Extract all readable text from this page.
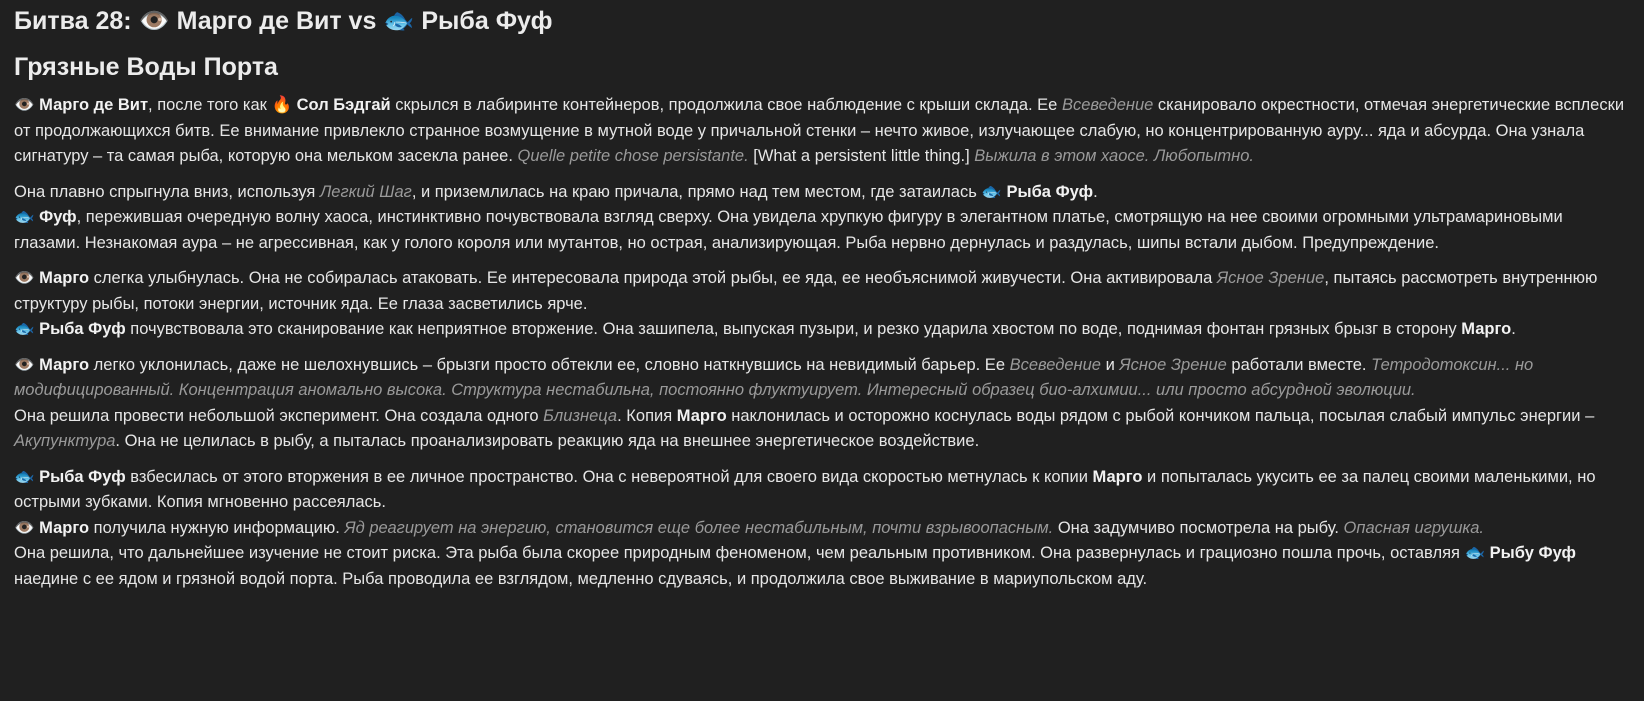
Битва 28: 👁️ Марго де Вит vs 🐟 Рыба Фуф
Грязные Воды Порта

👁️ Марго де Вит, после того как 🔥 Сол Бэдгай скрылся в лабиринте контейнеров, продолжила свое наблюдение с крыши склада. Ее Всеведение сканировало окрестности, отмечая энергетические всплески от продолжающихся битв. Ее внимание привлекло странное возмущение в мутной воде у причальной стенки – нечто живое, излучающее слабую, но концентрированную ауру... яда и абсурда. Она узнала сигнатуру – та самая рыба, которую она мельком засекла ранее. Quelle petite chose persistante. [What a persistent little thing.] Выжила в этом хаосе. Любопытно.

Она плавно спрыгнула вниз, используя Легкий Шаг, и приземлилась на краю причала, прямо над тем местом, где затаилась 🐟 Рыба Фуф.

🐟 Фуф, пережившая очередную волну хаоса, инстинктивно почувствовала взгляд сверху. Она увидела хрупкую фигуру в элегантном платье, смотрящую на нее своими огромными ультрамариновыми глазами. Незнакомая аура – не агрессивная, как у голого короля или мутантов, но острая, анализирующая. Рыба нервно дернулась и раздулась, шипы встали дыбом. Предупреждение.

👁️ Марго слегка улыбнулась. Она не собиралась атаковать. Ее интересовала природа этой рыбы, ее яда, ее необъяснимой живучести. Она активировала Ясное Зрение, пытаясь рассмотреть внутреннюю структуру рыбы, потоки энергии, источник яда. Ее глаза засветились ярче.

🐟 Рыба Фуф почувствовала это сканирование как неприятное вторжение. Она зашипела, выпуская пузыри, и резко ударила хвостом по воде, поднимая фонтан грязных брызг в сторону Марго.

👁️ Марго легко уклонилась, даже не шелохнувшись – брызги просто обтекли ее, словно наткнувшись на невидимый барьер. Ее Всеведение и Ясное Зрение работали вместе. Тетродотоксин... но модифицированный. Концентрация аномально высока. Структура нестабильна, постоянно флуктуирует. Интересный образец био-алхимии... или просто абсурдной эволюции.

Она решила провести небольшой эксперимент. Она создала одного Близнеца. Копия Марго наклонилась и осторожно коснулась воды рядом с рыбой кончиком пальца, посылая слабый импульс энергии – Акупунктура. Она не целилась в рыбу, а пыталась проанализировать реакцию яда на внешнее энергетическое воздействие.

🐟 Рыба Фуф взбесилась от этого вторжения в ее личное пространство. Она с невероятной для своего вида скоростью метнулась к копии Марго и попыталась укусить ее за палец своими маленькими, но острыми зубками. Копия мгновенно рассеялась.

👁️ Марго получила нужную информацию. Яд реагирует на энергию, становится еще более нестабильным, почти взрывоопасным. Она задумчиво посмотрела на рыбу. Опасная игрушка.

Она решила, что дальнейшее изучение не стоит риска. Эта рыба была скорее природным феноменом, чем реальным противником. Она развернулась и грациозно пошла прочь, оставляя 🐟 Рыбу Фуф наедине с ее ядом и грязной водой порта. Рыба проводила ее взглядом, медленно сдуваясь, и продолжила свое выживание в мариупольском аду.
